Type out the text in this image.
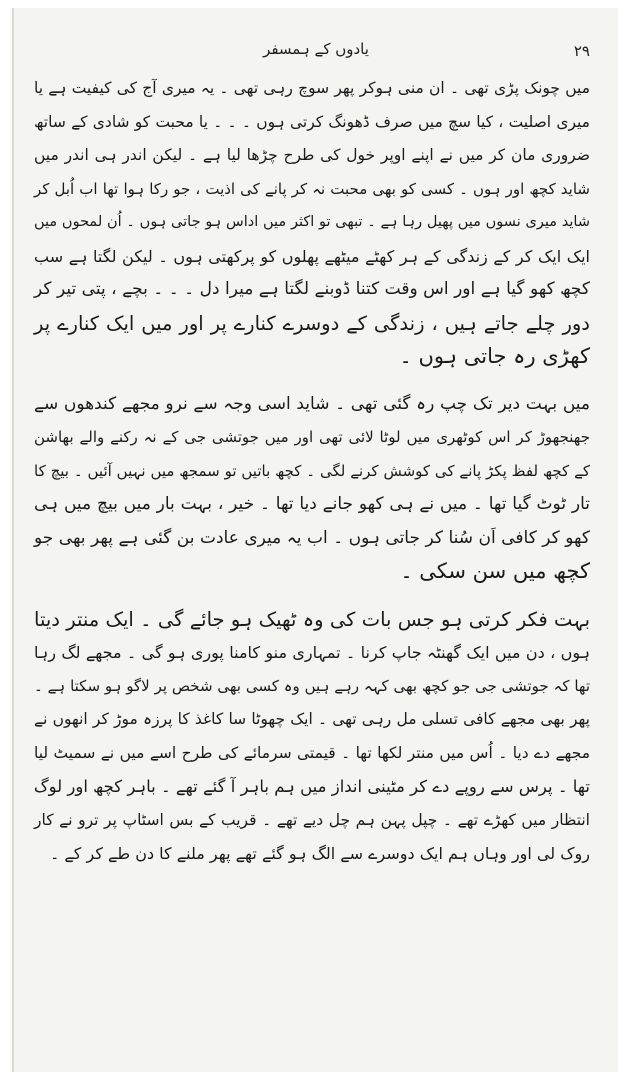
یادوں کے ہمسفر	۲۹

میں چونک پڑی تھی ۔ ان منی ہوکر پھر سوچ رہی تھی ۔ یہ میری آج کی کیفیت ہے یا
میری اصلیت ، کیا سچ میں صرف ڈھونگ کرتی ہوں ۔ ۔ ۔ یا محبت کو شادی کے ساتھ
ضروری مان کر میں نے اپنے اوپر خول کی طرح چڑھا لیا ہے ۔ لیکن اندر ہی اندر میں
شاید کچھ اور ہوں ۔ کسی کو بھی محبت نہ کر پانے کی اذیت ، جو رکا ہوا تھا اب اُبل کر
شاید میری نسوں میں پھیل رہا ہے ۔ تبھی تو اکثر میں اداس ہو جاتی ہوں ۔ اُن لمحوں میں
ایک ایک کر کے زندگی کے ہر کھٹے میٹھے پھلوں کو پرکھتی ہوں ۔ لیکن لگتا ہے سب
کچھ کھو گیا ہے اور اس وقت کتنا ڈوبنے لگتا ہے میرا دل ۔ ۔ ۔ بچے ، پتی تیر کر
دور چلے جاتے ہیں ، زندگی کے دوسرے کنارے پر اور میں ایک کنارے پر
کھڑی رہ جاتی ہوں ۔

میں بہت دیر تک چپ رہ گئی تھی ۔ شاید اسی وجہ سے نرو مجھے کندھوں سے
جھنجھوڑ کر اس کوٹھری میں لوٹا لائی تھی اور میں جوتشی جی کے نہ رکنے والے بھاشن
کے کچھ لفظ پکڑ پانے کی کوشش کرنے لگی ۔ کچھ باتیں تو سمجھ میں نہیں آئیں ۔ بیچ کا
تار ٹوٹ گیا تھا ۔ میں نے ہی کھو جانے دیا تھا ۔ خیر ، بہت بار میں بیچ میں ہی
کھو کر کافی اَن سُنا کر جاتی ہوں ۔ اب یہ میری عادت بن گئی ہے پھر بھی جو
کچھ میں سن سکی ۔

بہت فکر کرتی ہو جس بات کی وہ ٹھیک ہو جائے گی ۔ ایک منتر دیتا
ہوں ، دن میں ایک گھنٹہ جاپ کرنا ۔ تمہاری منو کامنا پوری ہو گی ۔ مجھے لگ رہا
تھا کہ جوتشی جی جو کچھ بھی کہہ رہے ہیں وہ کسی بھی شخص پر لاگو ہو سکتا ہے ۔
پھر بھی مجھے کافی تسلی مل رہی تھی ۔ ایک چھوٹا سا کاغذ کا پرزہ موڑ کر انھوں نے
مجھے دے دیا ۔ اُس میں منتر لکھا تھا ۔ قیمتی سرمائے کی طرح اسے میں نے سمیٹ لیا
تھا ۔ پرس سے روپے دے کر مٹینی انداز میں ہم باہر آ گئے تھے ۔ باہر کچھ اور لوگ
انتظار میں کھڑے تھے ۔ چپل پہن ہم چل دیے تھے ۔ قریب کے بس اسٹاپ پر ترو نے کار
روک لی اور وہاں ہم ایک دوسرے سے الگ ہو گئے تھے پھر ملنے کا دن طے کر کے ۔
